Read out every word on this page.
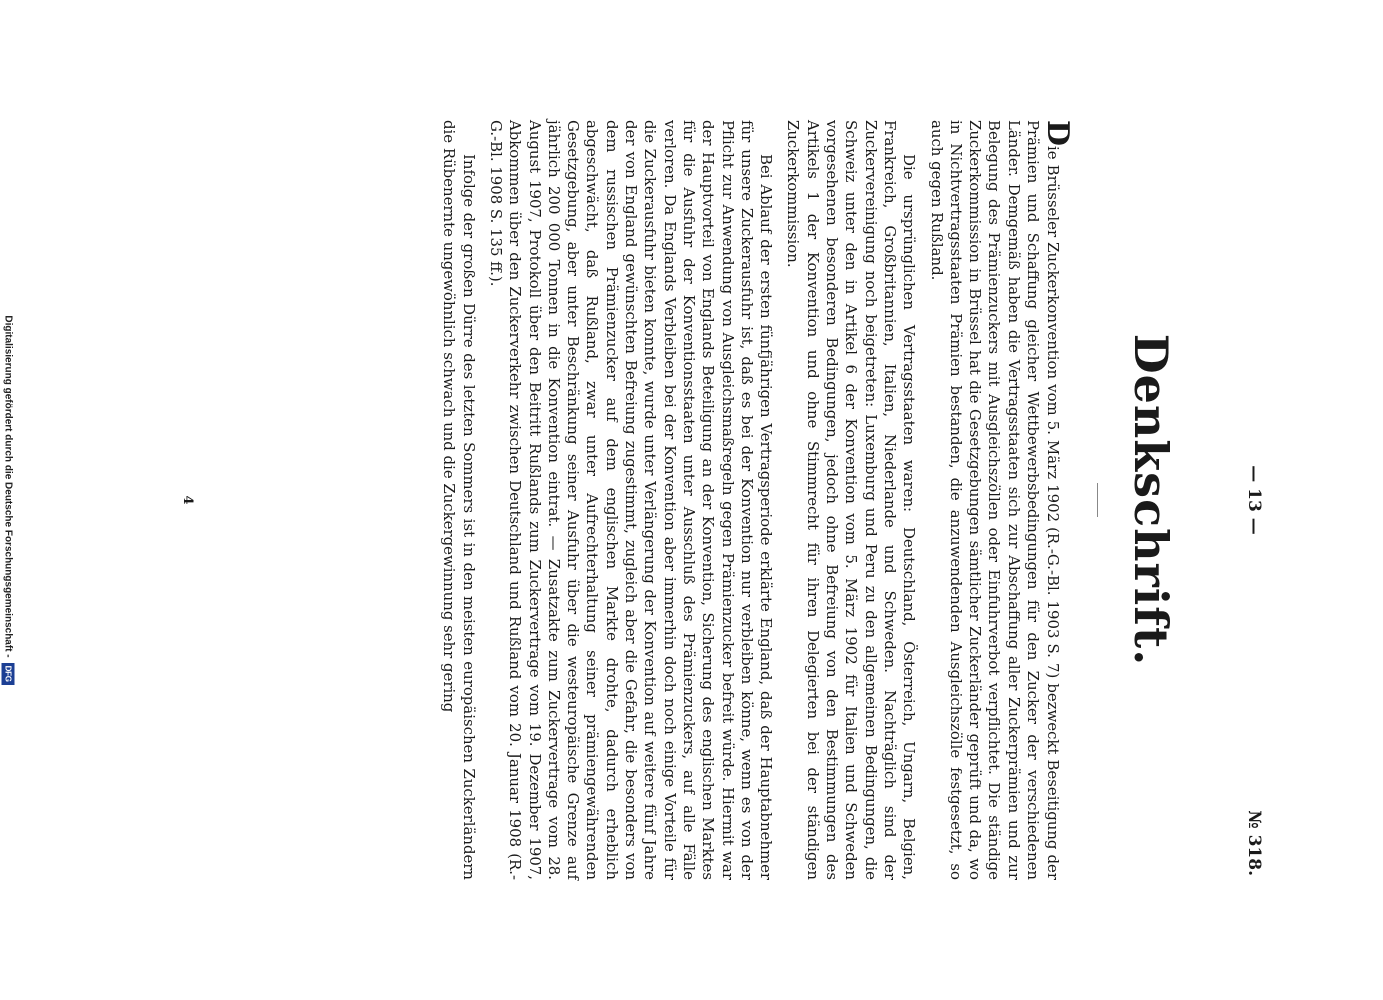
Digitalisierung gefördert durch die Deutsche Forschungsgemeinschaft -
DFG
— 13 —
№ 318.
Denkschrift.

Die Brüsseler Zuckerkonvention vom 5. März 1902 (R.-G.-Bl. 1903 S. 7) bezweckt Beseitigung der Prämien und Schaffung gleicher Wettbewerbsbedingungen für den Zucker der verschiedenen Länder. Demgemäß haben die Vertragsstaaten sich zur Abschaffung aller Zuckerprämien und zur Belegung des Prämienzuckers mit Ausgleichszöllen oder Einfuhrverbot verpflichtet. Die ständige Zuckerkommission in Brüssel hat die Gesetzgebungen sämtlicher Zuckerländer geprüft und da, wo in Nichtvertragsstaaten Prämien bestanden, die anzuwendenden Ausgleichszölle festgesetzt, so auch gegen Rußland.

Die ursprünglichen Vertragsstaaten waren: Deutschland, Österreich, Ungarn, Belgien, Frankreich, Großbritannien, Italien, Niederlande und Schweden. Nachträglich sind der Zuckervereinigung noch beigetreten: Luxemburg und Peru zu den allgemeinen Bedingungen, die Schweiz unter den in Artikel 6 der Konvention vom 5. März 1902 für Italien und Schweden vorgesehenen besonderen Bedingungen, jedoch ohne Befreiung von den Bestimmungen des Artikels 1 der Konvention und ohne Stimmrecht für ihren Delegierten bei der ständigen Zuckerkommission.

Bei Ablauf der ersten fünfjährigen Vertragsperiode erklärte England, daß der Hauptabnehmer für unsere Zuckerausfuhr ist, daß es bei der Konvention nur verbleiben könne, wenn es von der Pflicht zur Anwendung von Ausgleichsmaßregeln gegen Prämienzucker befreit würde. Hiermit war der Hauptvorteil von Englands Beteiligung an der Konvention, Sicherung des englischen Marktes für die Ausfuhr der Konventionsstaaten unter Ausschluß des Prämienzuckers, auf alle Fälle verloren. Da Englands Verbleiben bei der Konvention aber immerhin doch noch einige Vorteile für die Zuckerausfuhr bieten konnte, wurde unter Verlängerung der Konvention auf weitere fünf Jahre der von England gewünschten Befreiung zugestimmt, zugleich aber die Gefahr, die besonders von dem russischen Prämienzucker auf dem englischen Markte drohte, dadurch erheblich abgeschwächt, daß Rußland, zwar unter Aufrechterhaltung seiner prämiengewährenden Gesetzgebung, aber unter Beschränkung seiner Ausfuhr über die westeuropäische Grenze auf jährlich 200 000 Tonnen in die Konvention eintrat. — Zusatzakte zum Zuckervertrage vom 28. August 1907, Protokoll über den Beitritt Rußlands zum Zuckervertrage vom 19. Dezember 1907, Abkommen über den Zuckerverkehr zwischen Deutschland und Rußland vom 20. Januar 1908 (R.-G.-Bl. 1908 S. 135 ff.).

Infolge der großen Dürre des letzten Sommers ist in den meisten europäischen Zuckerländern die Rübenernte ungewöhnlich schwach und die Zuckergewinnung sehr gering

4
